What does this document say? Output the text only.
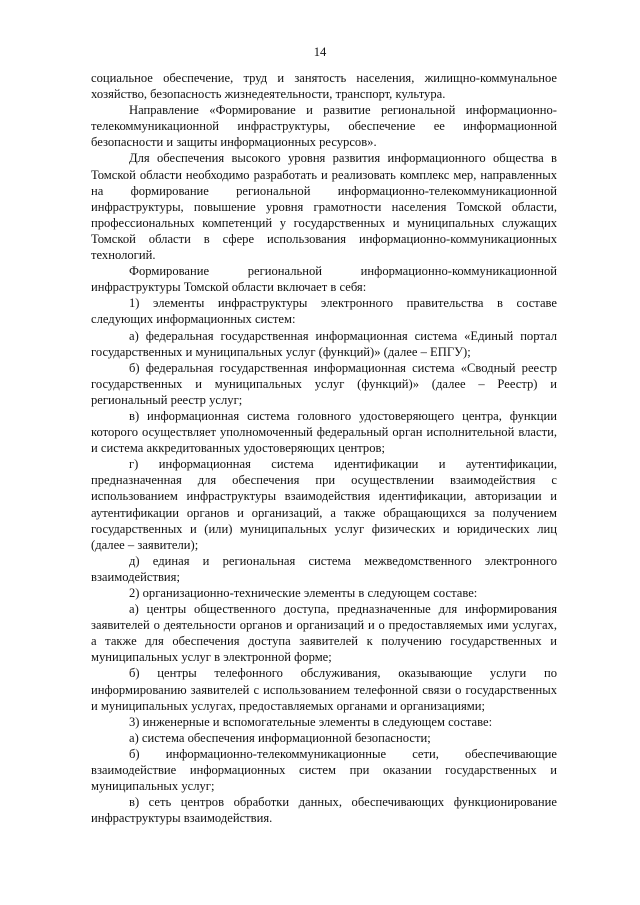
14

социальное обеспечение, труд и занятость населения, жилищно-коммунальное хозяйство, безопасность жизнедеятельности, транспорт, культура.

Направление «Формирование и развитие региональной информационно-телекоммуникационной инфраструктуры, обеспечение ее информационной безопасности и защиты информационных ресурсов».

Для обеспечения высокого уровня развития информационного общества в Томской области необходимо разработать и реализовать комплекс мер, направленных на формирование региональной информационно-телекоммуникационной инфраструктуры, повышение уровня грамотности населения Томской области, профессиональных компетенций у государственных и муниципальных служащих Томской области в сфере использования информационно-коммуникационных технологий.

Формирование региональной информационно-коммуникационной инфраструктуры Томской области включает в себя:

1) элементы инфраструктуры электронного правительства в составе следующих информационных систем:

а) федеральная государственная информационная система «Единый портал государственных и муниципальных услуг (функций)» (далее – ЕПГУ);

б) федеральная государственная информационная система «Сводный реестр государственных и муниципальных услуг (функций)» (далее – Реестр) и региональный реестр услуг;

в) информационная система головного удостоверяющего центра, функции которого осуществляет уполномоченный федеральный орган исполнительной власти, и система аккредитованных удостоверяющих центров;

г) информационная система идентификации и аутентификации, предназначенная для обеспечения при осуществлении взаимодействия с использованием инфраструктуры взаимодействия идентификации, авторизации и аутентификации органов и организаций, а также обращающихся за получением государственных и (или) муниципальных услуг физических и юридических лиц (далее – заявители);

д) единая и региональная система межведомственного электронного взаимодействия;

2) организационно-технические элементы в следующем составе:

а) центры общественного доступа, предназначенные для информирования заявителей о деятельности органов и организаций и о предоставляемых ими услугах, а также для обеспечения доступа заявителей к получению государственных и муниципальных услуг в электронной форме;

б) центры телефонного обслуживания, оказывающие услуги по информированию заявителей с использованием телефонной связи о государственных и муниципальных услугах, предоставляемых органами и организациями;

3) инженерные и вспомогательные элементы в следующем составе:

а) система обеспечения информационной безопасности;

б) информационно-телекоммуникационные сети, обеспечивающие взаимодействие информационных систем при оказании государственных и муниципальных услуг;

в) сеть центров обработки данных, обеспечивающих функционирование инфраструктуры взаимодействия.
